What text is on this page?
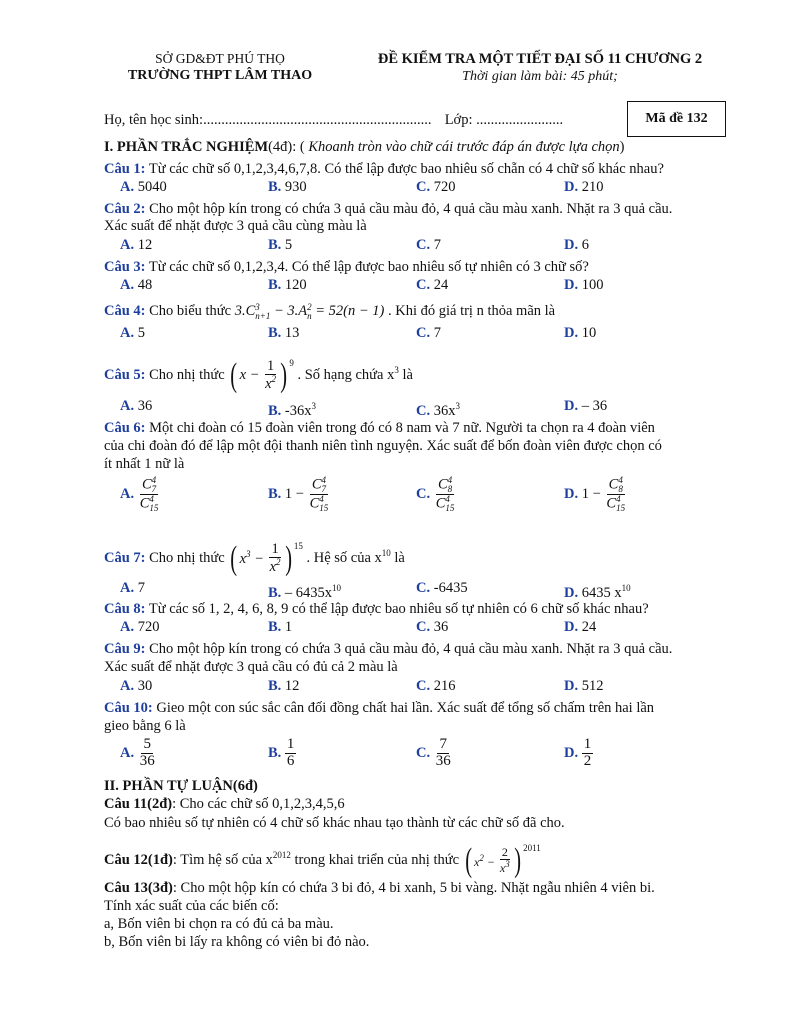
SỞ GD&ĐT PHÚ THỌ
TRƯỜNG THPT LÂM THAO
ĐỀ KIỂM TRA MỘT TIẾT ĐẠI SỐ 11 CHƯƠNG 2
Thời gian làm bài: 45 phút;
Mã đề 132
Họ, tên học sinh:............................................................... Lớp: ........................
I. PHẦN TRẮC NGHIỆM(4đ): ( Khoanh tròn vào chữ cái trước đáp án được lựa chọn)
Câu 1: Từ các chữ số 0,1,2,3,4,6,7,8. Có thể lập được bao nhiêu số chẵn có 4 chữ số khác nhau?
A. 5040	B. 930	C. 720	D. 210
Câu 2: Cho một hộp kín trong có chứa 3 quả cầu màu đỏ, 4 quả cầu màu xanh. Nhặt ra 3 quả cầu.
Xác suất để nhặt được 3 quả cầu cùng màu là
A. 12	B. 5	C. 7	D. 6
Câu 3: Từ các chữ số 0,1,2,3,4. Có thể lập được bao nhiêu số tự nhiên có 3 chữ số?
A. 48	B. 120	C. 24	D. 100
Câu 4: Cho biểu thức 3.C 3
n+1 − 3.A 2
n = 52(n − 1) . Khi đó giá trị n thỏa mãn là
A. 5	B. 13	C. 7	D. 10
Câu 5: Cho nhị thức ( x −
$\frac{1}{x^2}$ ) $^9$
. Số hạng chứa $x^3$ là
A. 36	B. $-36x^3$	C. $36x^3$	D. – 36
Câu 6: Một chi đoàn có 15 đoàn viên trong đó có 8 nam và 7 nữ. Người ta chọn ra 4 đoàn viên
của chi đoàn đó để lập một đội thanh niên tình nguyện. Xác suất để bốn đoàn viên được chọn có
ít nhất 1 nữ là
A. C 4
7
C 4
15	B. 1 − C 4
7
C 4
15	C. C 4
8
C 4
15	D. 1 − C 4
8
C 4
15
Câu 7: Cho nhị thức ( $x^3$ −
$\frac{1}{x^2}$ ) $^{15}$
. Hệ số của $x^{10}$ là
A. 7	B. – $6435x^{10}$	C. -6435	D. 6435 $x^{10}$
Câu 8: Từ các số 1, 2, 4, 6, 8, 9 có thể lập được bao nhiêu số tự nhiên có 6 chữ số khác nhau?
A. 720	B. 1	C. 36	D. 24
Câu 9: Cho một hộp kín trong có chứa 3 quả cầu màu đỏ, 4 quả cầu màu xanh. Nhặt ra 3 quả cầu.
Xác suất để nhặt được 3 quả cầu có đủ cả 2 màu là
A. 30	B. 12	C. 216	D. 512
Câu 10: Gieo một con súc sắc cân đối đồng chất hai lần. Xác suất để tổng số chấm trên hai lần
gieo bằng 6 là
A. $\frac{5}{36}$	B. $\frac{1}{6}$	C. $\frac{7}{36}$	D. $\frac{1}{2}$
II. PHẦN TỰ LUẬN(6đ)
Câu 11(2đ): Cho các chữ số 0,1,2,3,4,5,6
Có bao nhiêu số tự nhiên có 4 chữ số khác nhau tạo thành từ các chữ số đã cho.
Câu 12(1đ): Tìm hệ số của $x^{2012}$ trong khai triển của nhị thức ( $x^2$ −
$\frac{2}{x^3}$ ) $^{2011}$
Câu 13(3đ): Cho một hộp kín có chứa 3 bi đỏ, 4 bi xanh, 5 bi vàng. Nhặt ngẫu nhiên 4 viên bi.
Tính xác suất của các biến cố:
a, Bốn viên bi chọn ra có đủ cả ba màu.
b, Bốn viên bi lấy ra không có viên bi đỏ nào.
